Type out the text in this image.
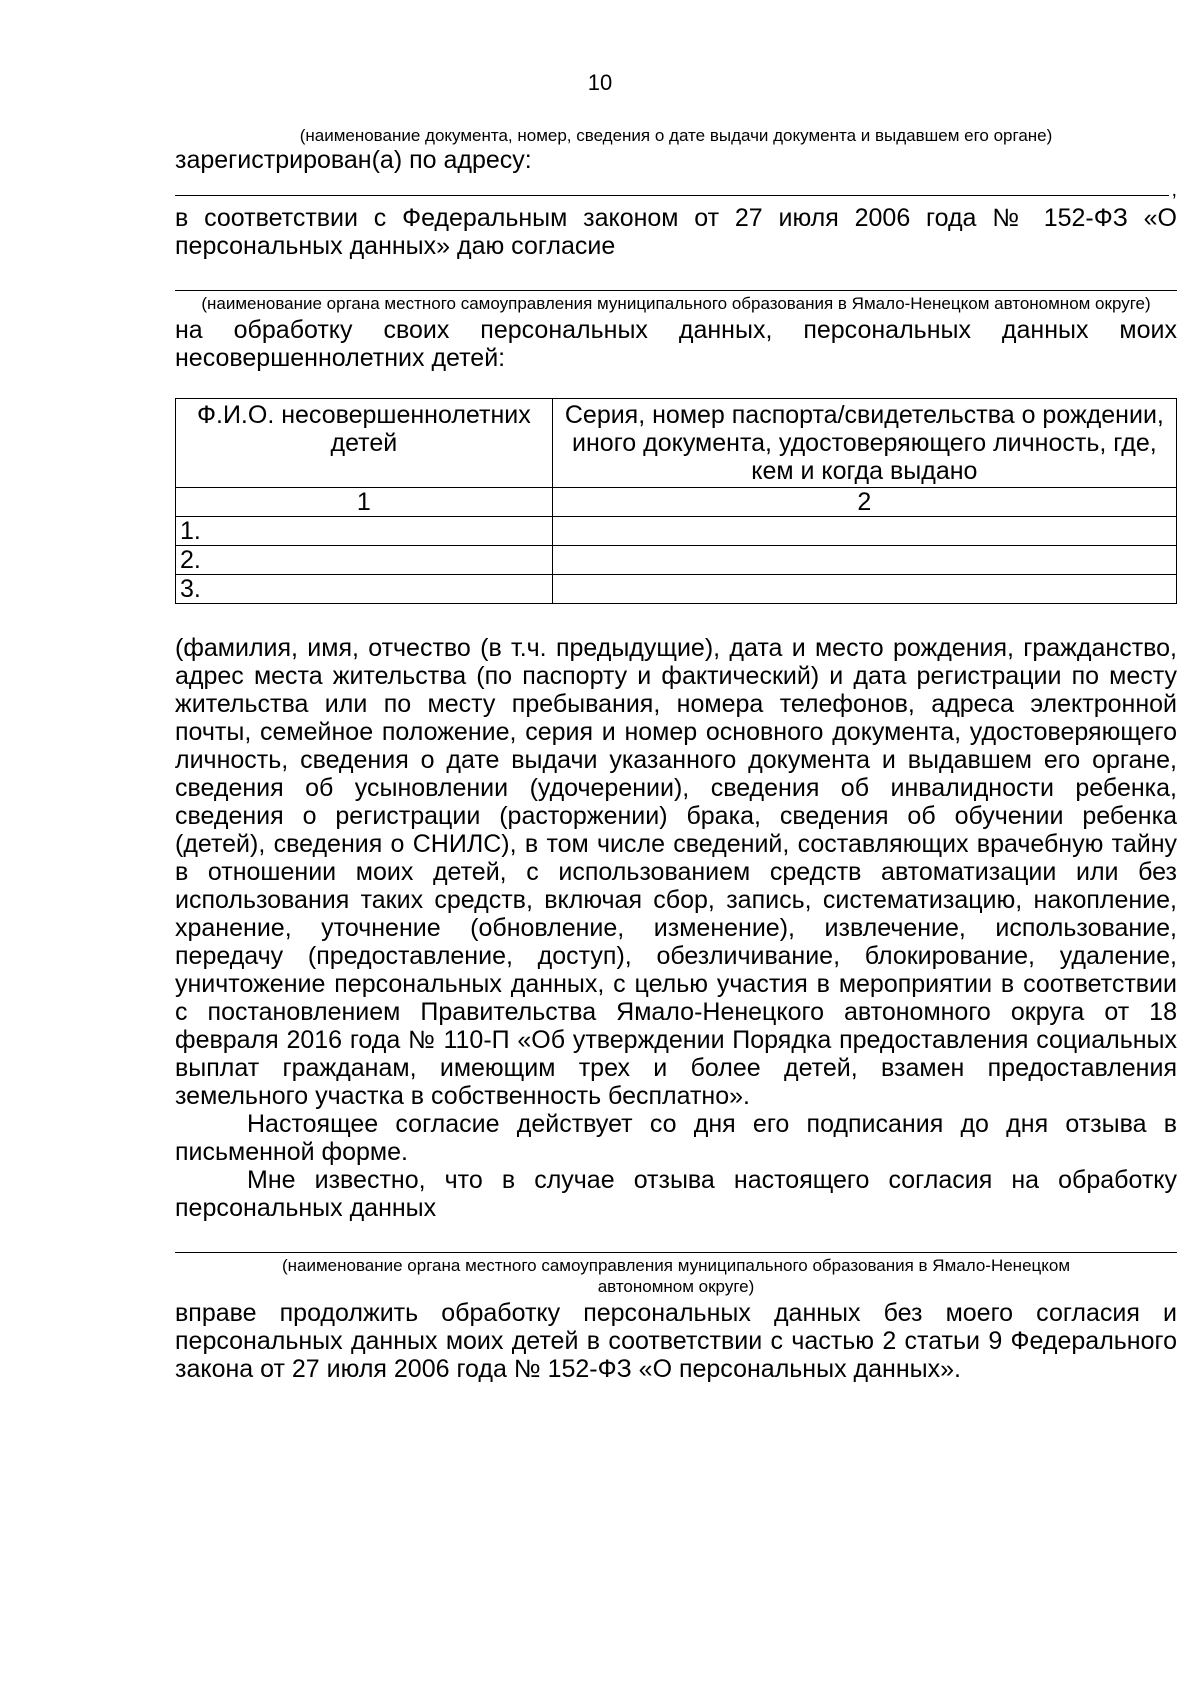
10
(наименование документа, номер, сведения о дате выдачи документа и выдавшем его органе)

зарегистрирован(а) по адресу:

,

в соответствии с Федеральным законом от 27 июля 2006 года № 152-ФЗ «О персональных данных» даю согласие

(наименование органа местного самоуправления муниципального образования в Ямало-Ненецком автономном округе)

на обработку своих персональных данных, персональных данных моих несовершеннолетних детей:

Ф.И.О. несовершеннолетних детей	Серия, номер паспорта/свидетельства о рождении, иного документа, удостоверяющего личность, где, кем и когда выдано
1	2
1.	
2.	
3.	

(фамилия, имя, отчество (в т.ч. предыдущие), дата и место рождения, гражданство, адрес места жительства (по паспорту и фактический) и дата регистрации по месту жительства или по месту пребывания, номера телефонов, адреса электронной почты, семейное положение, серия и номер основного документа, удостоверяющего личность, сведения о дате выдачи указанного документа и выдавшем его органе, сведения об усыновлении (удочерении), сведения об инвалидности ребенка, сведения о регистрации (расторжении) брака, сведения об обучении ребенка (детей), сведения о СНИЛС), в том числе сведений, составляющих врачебную тайну в отношении моих детей, с использованием средств автоматизации или без использования таких средств, включая сбор, запись, систематизацию, накопление, хранение, уточнение (обновление, изменение), извлечение, использование, передачу (предоставление, доступ), обезличивание, блокирование, удаление, уничтожение персональных данных, с целью участия в мероприятии в соответствии с постановлением Правительства Ямало-Ненецкого автономного округа от 18 февраля 2016 года № 110-П «Об утверждении Порядка предоставления социальных выплат гражданам, имеющим трех и более детей, взамен предоставления земельного участка в собственность бесплатно».

Настоящее согласие действует со дня его подписания до дня отзыва в письменной форме.

Мне известно, что в случае отзыва настоящего согласия на обработку персональных данных

(наименование органа местного самоуправления муниципального образования в Ямало-Ненецком автономном округе)

вправе продолжить обработку персональных данных без моего согласия и персональных данных моих детей в соответствии с частью 2 статьи 9 Федерального закона от 27 июля 2006 года № 152-ФЗ «О персональных данных».
